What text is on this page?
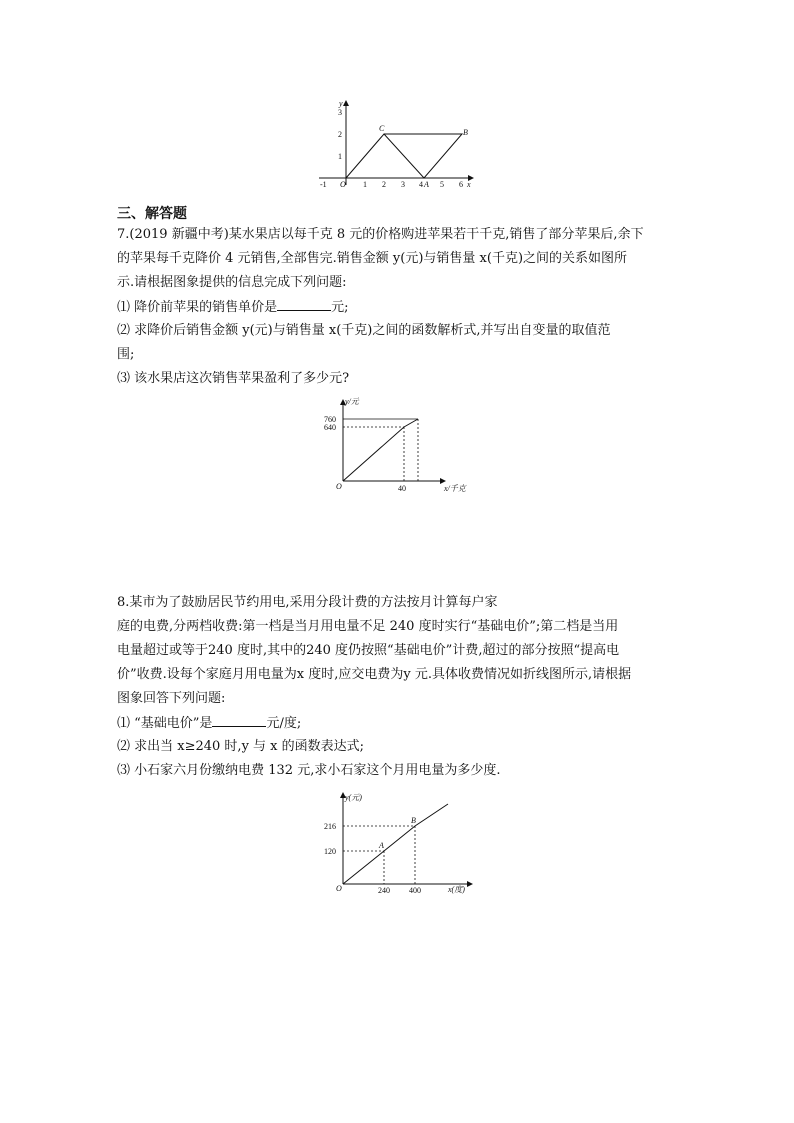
y
x
O
1
2
3
-1	1 2 3 4 A 5 6
C	B
三、解答题
7.(2019 新疆中考)某水果店以每千克 8 元的价格购进苹果若干千克,销售了部分苹果后,余下
的苹果每千克降价 4 元销售,全部售完.销售金额 y(元)与销售量 x(千克)之间的关系如图所
示.请根据图象提供的信息完成下列问题:
⑴ 降价前苹果的销售单价是	元;
⑵ 求降价后销售金额 y(元)与销售量 x(千克)之间的函数解析式,并写出自变量的取值范
围;
⑶ 该水果店这次销售苹果盈利了多少元?
y/元
x/千克
O
760
640
40
8.某市为了鼓励居民节约用电,采用分段计费的方法按月计算每户家
庭的电费,分两档收费:第一档是当月用电量不足 240 度时实行“基础电价”;第二档是当用
电量超过或等于240 度时,其中的240 度仍按照“基础电价”计费,超过的部分按照“提高电
价”收费.设每个家庭月用电量为x 度时,应交电费为y 元.具体收费情况如折线图所示,请根据
图象回答下列问题:
⑴ “基础电价”是	元/度;
⑵ 求出当 x≥240 时,y 与 x 的函数表达式;
⑶ 小石家六月份缴纳电费 132 元,求小石家这个月用电量为多少度.
y(元)
x(度)
O
216
120
240 400
A
B
